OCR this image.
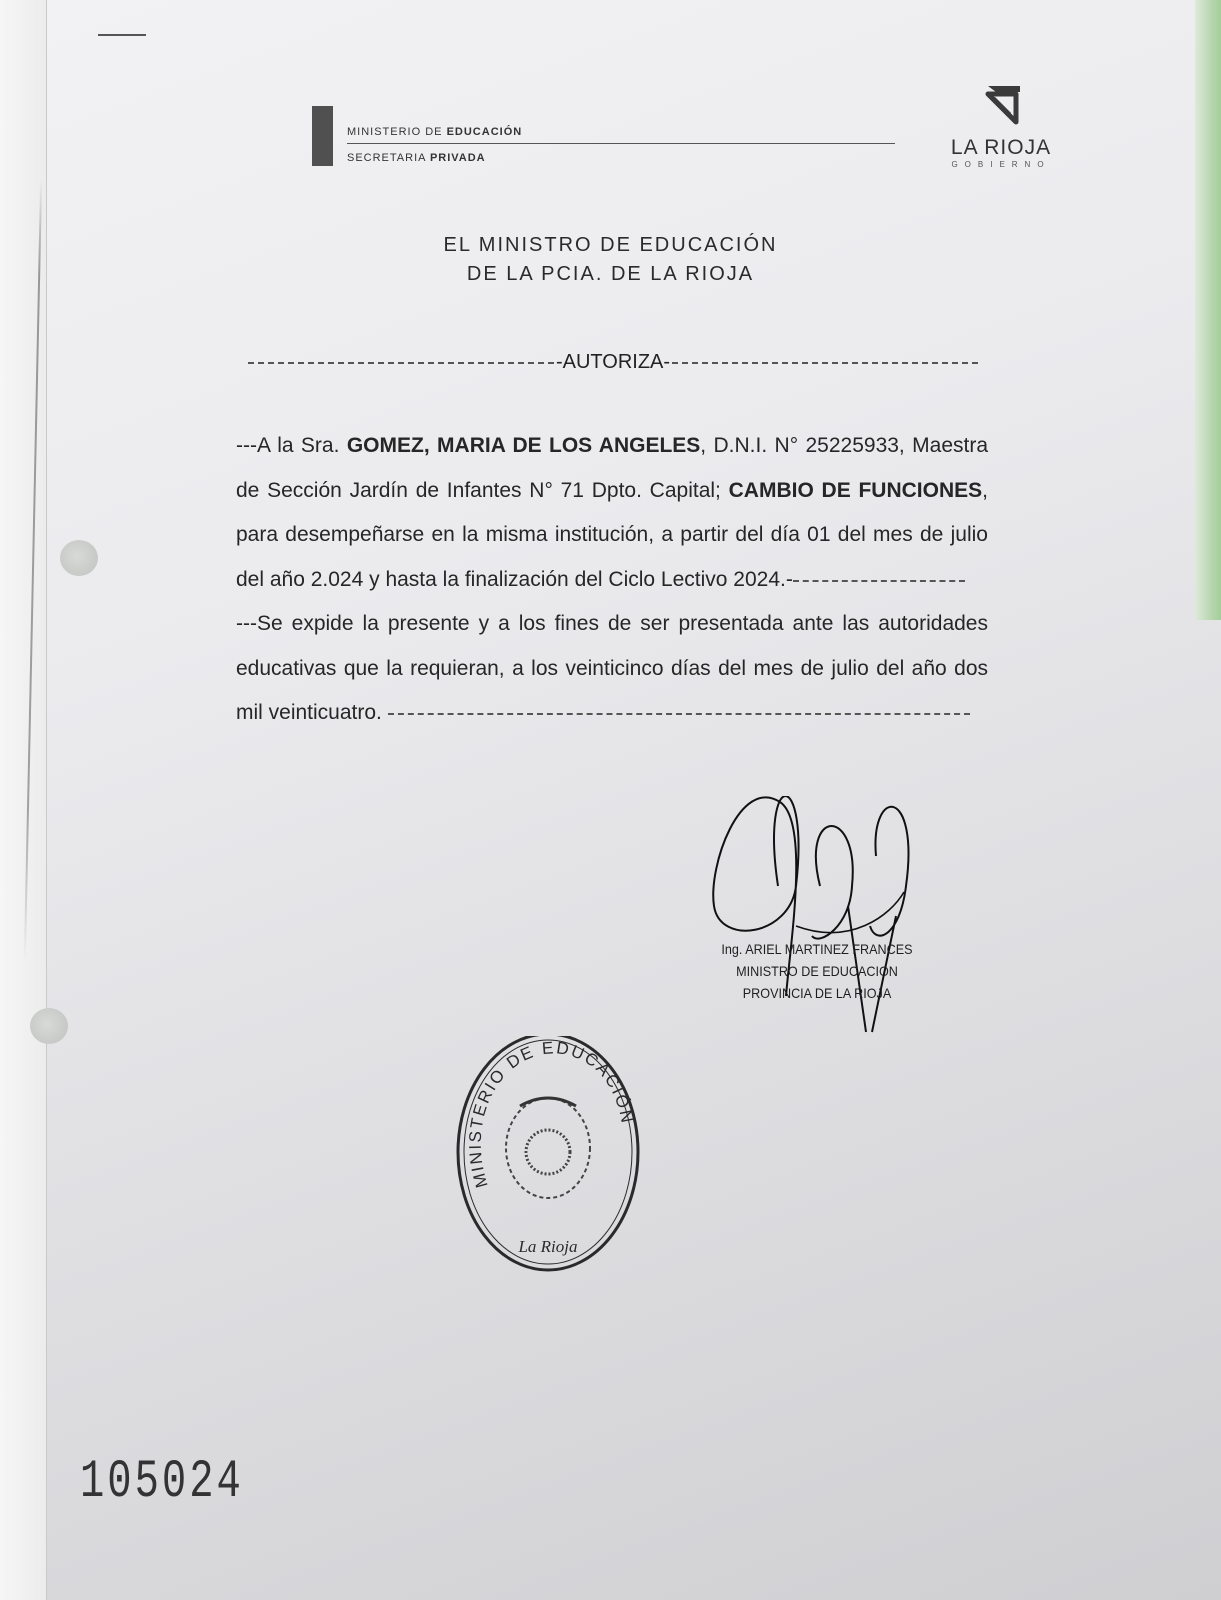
MINISTERIO DE EDUCACIÓN
SECRETARIA PRIVADA	LA RIOJA
GOBIERNO
EL MINISTRO DE EDUCACIÓN
DE LA PCIA. DE LA RIOJA
-AUTORIZA-

---A la Sra. GOMEZ, MARIA DE LOS ANGELES, D.N.I. N° 25225933, Maestra de Sección Jardín de Infantes N° 71 Dpto. Capital; CAMBIO DE FUNCIONES, para desempeñarse en la misma institución, a partir del día 01 del mes de julio del año 2.024 y hasta la finalización del Ciclo Lectivo 2024.-

---Se expide la presente y a los fines de ser presentada ante las autoridades educativas que la requieran, a los veinticinco días del mes de julio del año dos mil veinticuatro.

Ing. ARIEL MARTINEZ FRANCES
MINISTRO DE EDUCACION
PROVINCIA DE LA RIOJA
MINISTERIO DE EDUCACIÓN
La Rioja
105024
